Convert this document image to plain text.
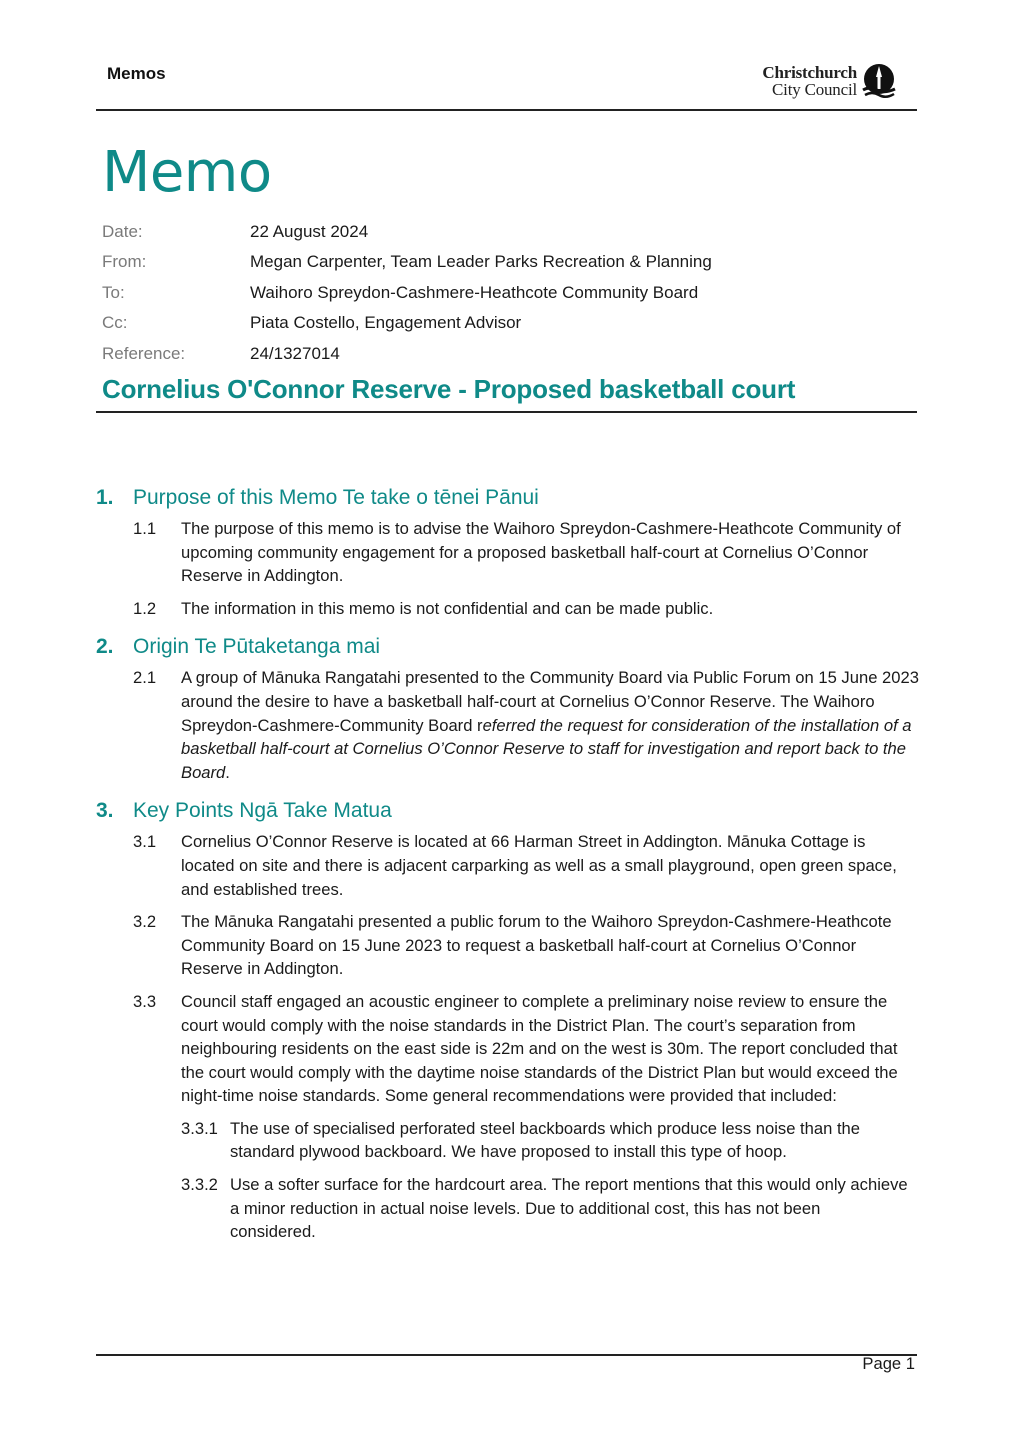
Memos	Christchurch
City Council
Memo
Date:	22 August 2024
From:	Megan Carpenter, Team Leader Parks Recreation & Planning
To:	Waihoro Spreydon-Cashmere-Heathcote Community Board
Cc:	Piata Costello, Engagement Advisor
Reference:	24/1327014
Cornelius O'Connor Reserve - Proposed basketball court
1. Purpose of this Memo Te take o tēnei Pānui
1.1 The purpose of this memo is to advise the Waihoro Spreydon-Cashmere-Heathcote Community of upcoming community engagement for a proposed basketball half-court at Cornelius O’Connor Reserve in Addington.
1.2 The information in this memo is not confidential and can be made public.
2. Origin Te Pūtaketanga mai
2.1 A group of Mānuka Rangatahi presented to the Community Board via Public Forum on 15 June 2023 around the desire to have a basketball half-court at Cornelius O’Connor Reserve. The Waihoro Spreydon-Cashmere-Community Board referred the request for consideration of the installation of a basketball half-court at Cornelius O’Connor Reserve to staff for investigation and report back to the Board.
3. Key Points Ngā Take Matua
3.1 Cornelius O’Connor Reserve is located at 66 Harman Street in Addington. Mānuka Cottage is located on site and there is adjacent carparking as well as a small playground, open green space, and established trees.
3.2 The Mānuka Rangatahi presented a public forum to the Waihoro Spreydon-Cashmere-Heathcote Community Board on 15 June 2023 to request a basketball half-court at Cornelius O’Connor Reserve in Addington.
3.3 Council staff engaged an acoustic engineer to complete a preliminary noise review to ensure the court would comply with the noise standards in the District Plan. The court’s separation from neighbouring residents on the east side is 22m and on the west is 30m. The report concluded that the court would comply with the daytime noise standards of the District Plan but would exceed the night-time noise standards. Some general recommendations were provided that included:
3.3.1 The use of specialised perforated steel backboards which produce less noise than the standard plywood backboard. We have proposed to install this type of hoop.
3.3.2 Use a softer surface for the hardcourt area. The report mentions that this would only achieve a minor reduction in actual noise levels. Due to additional cost, this has not been considered.
Page 1
